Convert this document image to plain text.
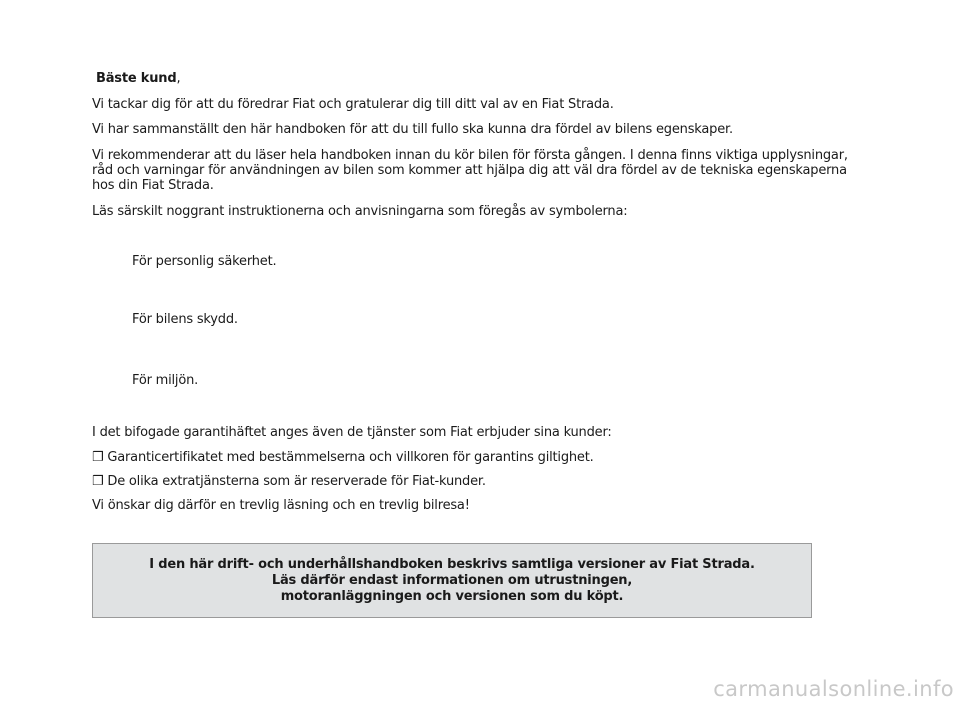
Bäste kund,
Vi tackar dig för att du föredrar Fiat och gratulerar dig till ditt val av en Fiat Strada.
Vi har sammanställt den här handboken för att du till fullo ska kunna dra fördel av bilens egenskaper.
Vi rekommenderar att du läser hela handboken innan du kör bilen för första gången. I denna finns viktiga upplysningar,
råd och varningar för användningen av bilen som kommer att hjälpa dig att väl dra fördel av de tekniska egenskaperna
hos din Fiat Strada.
Läs särskilt noggrant instruktionerna och anvisningarna som föregås av symbolerna:
För personlig säkerhet.
För bilens skydd.
För miljön.
I det bifogade garantihäftet anges även de tjänster som Fiat erbjuder sina kunder:
❒ Garanticertifikatet med bestämmelserna och villkoren för garantins giltighet.
❒ De olika extratjänsterna som är reserverade för Fiat-kunder.
Vi önskar dig därför en trevlig läsning och en trevlig bilresa!
I den här drift- och underhållshandboken beskrivs samtliga versioner av Fiat Strada.
Läs därför endast informationen om utrustningen,
motoranläggningen och versionen som du köpt.
carmanualsonline.info
